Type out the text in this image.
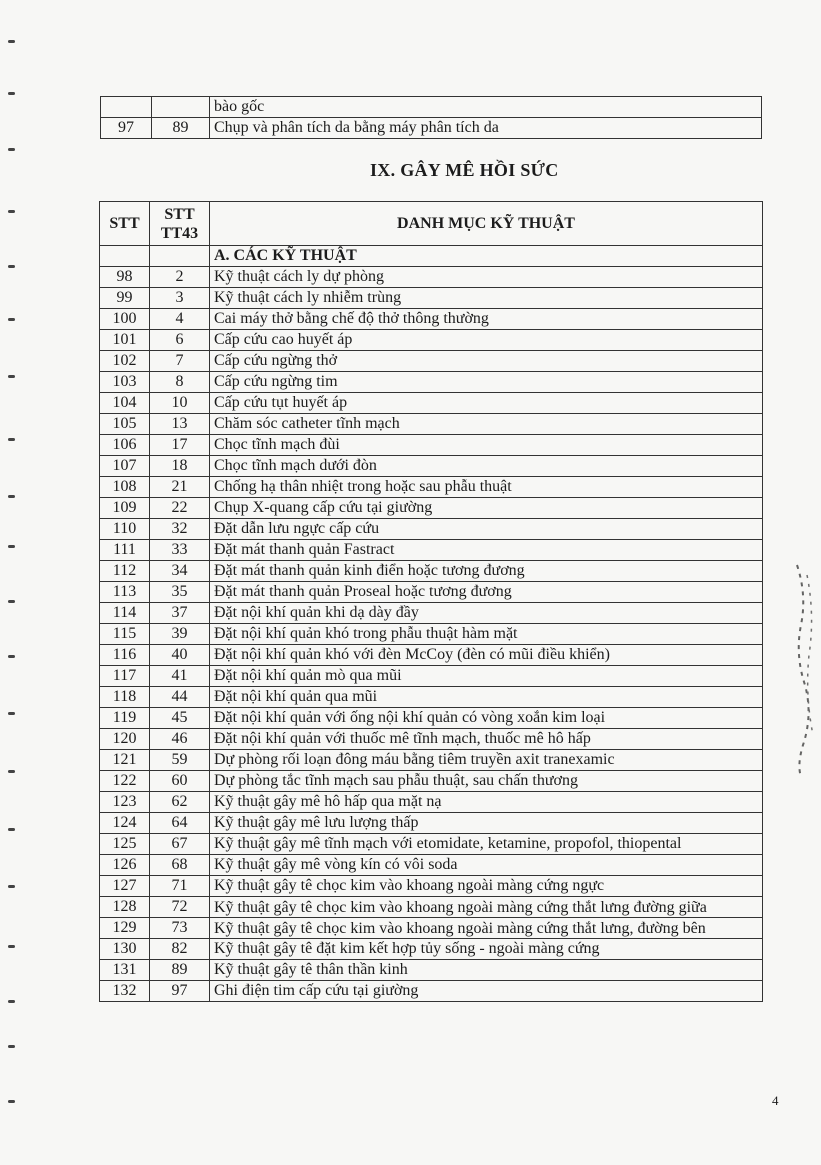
		bào gốc
97	89	Chụp và phân tích da bằng máy phân tích da
IX. GÂY MÊ HỒI SỨC
STT	STT TT43	DANH MỤC KỸ THUẬT
		A. CÁC KỸ THUẬT
98	2	Kỹ thuật cách ly dự phòng
99	3	Kỹ thuật cách ly nhiễm trùng
100	4	Cai máy thở bằng chế độ thở thông thường
101	6	Cấp cứu cao huyết áp
102	7	Cấp cứu ngừng thở
103	8	Cấp cứu ngừng tim
104	10	Cấp cứu tụt huyết áp
105	13	Chăm sóc catheter tĩnh mạch
106	17	Chọc tĩnh mạch đùi
107	18	Chọc tĩnh mạch dưới đòn
108	21	Chống hạ thân nhiệt trong hoặc sau phẫu thuật
109	22	Chụp X-quang cấp cứu tại giường
110	32	Đặt dẫn lưu ngực cấp cứu
111	33	Đặt mát thanh quản Fastract
112	34	Đặt mát thanh quản kinh điển hoặc tương đương
113	35	Đặt mát thanh quản Proseal hoặc tương đương
114	37	Đặt nội khí quản khi dạ dày đầy
115	39	Đặt nội khí quản khó trong phẫu thuật hàm mặt
116	40	Đặt nội khí quản khó với đèn McCoy (đèn có mũi điều khiển)
117	41	Đặt nội khí quản mò qua mũi
118	44	Đặt nội khí quản qua mũi
119	45	Đặt nội khí quản với ống nội khí quản có vòng xoắn kim loại
120	46	Đặt nội khí quản với thuốc mê tĩnh mạch, thuốc mê hô hấp
121	59	Dự phòng rối loạn đông máu bằng tiêm truyền axit tranexamic
122	60	Dự phòng tắc tĩnh mạch sau phẫu thuật, sau chấn thương
123	62	Kỹ thuật gây mê hô hấp qua mặt nạ
124	64	Kỹ thuật gây mê lưu lượng thấp
125	67	Kỹ thuật gây mê tĩnh mạch với etomidate, ketamine, propofol, thiopental
126	68	Kỹ thuật gây mê vòng kín có vôi soda
127	71	Kỹ thuật gây tê chọc kim vào khoang ngoài màng cứng ngực
128	72	Kỹ thuật gây tê chọc kim vào khoang ngoài màng cứng thắt lưng đường giữa
129	73	Kỹ thuật gây tê chọc kim vào khoang ngoài màng cứng thắt lưng, đường bên
130	82	Kỹ thuật gây tê đặt kim kết hợp tủy sống - ngoài màng cứng
131	89	Kỹ thuật gây tê thân thần kinh
132	97	Ghi điện tim cấp cứu tại giường
4
